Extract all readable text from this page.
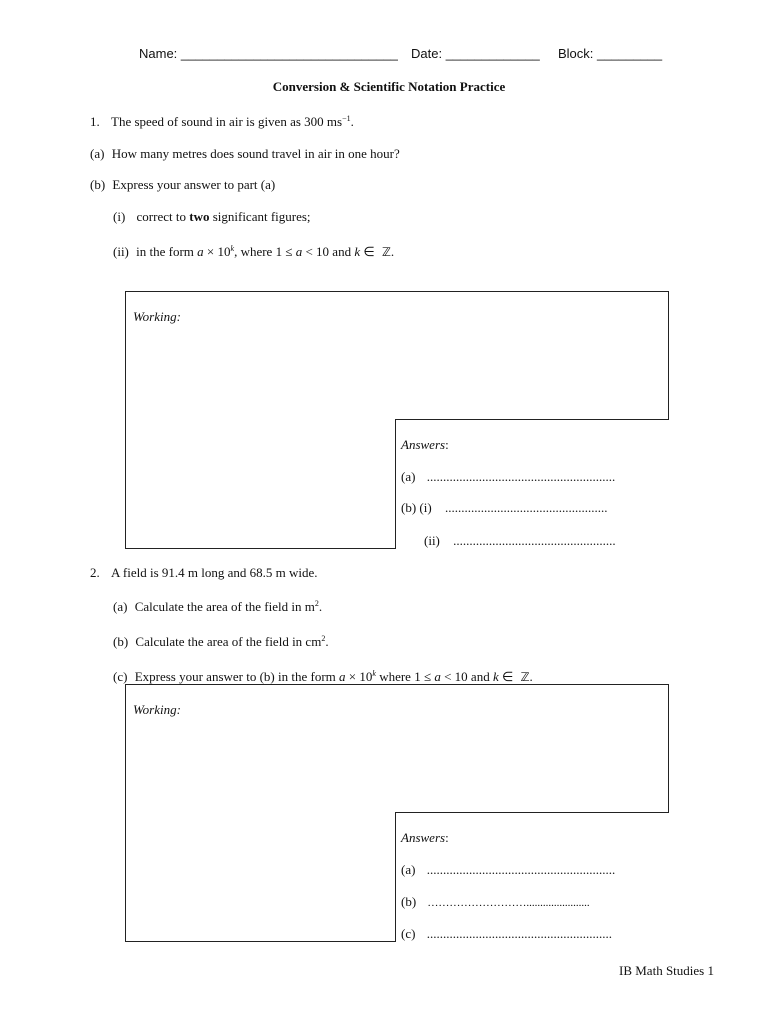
Name: ______________________________ Date: _____________ Block: _________
Conversion & Scientific Notation Practice
1. The speed of sound in air is given as 300 $ms^{-1}$.
(a) How many metres does sound travel in air in one hour?
(b) Express your answer to part (a)
(i) correct to two significant figures;
(ii) in the form $a \times 10^k$, where 1 ≤ a < 10 and k ∈ ℤ.
Working:
Answers:
(a) ..........................................................
(b) (i) ..................................................
(ii) ..................................................
2. A field is 91.4 m long and 68.5 m wide.
(a) Calculate the area of the field in $m^2$.
(b) Calculate the area of the field in $cm^2$.
(c) Express your answer to (b) in the form $a \times 10^k$ where 1 ≤ a < 10 and k ∈ ℤ.
Working:
Answers:
(a) ..........................................................
(b) ……………………….......................
(c) .........................................................
IB Math Studies 1
